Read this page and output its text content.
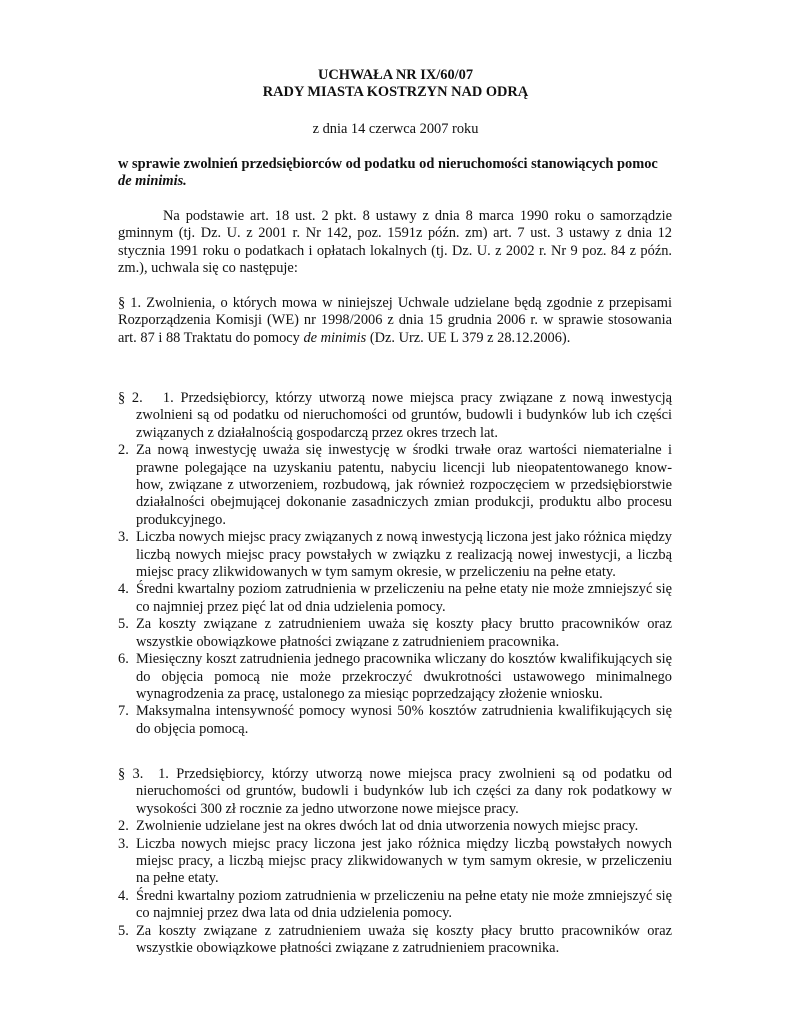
UCHWAŁA NR IX/60/07

RADY MIASTA KOSTRZYN NAD ODRĄ

z dnia 14 czerwca 2007 roku

w sprawie zwolnień przedsiębiorców od podatku od nieruchomości stanowiących pomoc
de minimis.

Na podstawie art. 18 ust. 2 pkt. 8 ustawy z dnia 8 marca 1990 roku o samorządzie gminnym (tj. Dz. U. z 2001 r. Nr 142, poz. 1591z późn. zm) art. 7 ust. 3 ustawy z dnia 12 stycznia 1991 roku o podatkach i opłatach lokalnych (tj. Dz. U. z 2002 r. Nr 9 poz. 84 z późn. zm.), uchwala się co następuje:

§ 1. Zwolnienia, o których mowa w niniejszej Uchwale udzielane będą zgodnie z przepisami Rozporządzenia Komisji (WE) nr 1998/2006 z dnia 15 grudnia 2006 r. w sprawie stosowania art. 87 i 88 Traktatu do pomocy de minimis (Dz. Urz. UE L 379 z 28.12.2006).

§ 2. 1. Przedsiębiorcy, którzy utworzą nowe miejsca pracy związane z nową inwestycją zwolnieni są od podatku od nieruchomości od gruntów, budowli i budynków lub ich części związanych z działalnością gospodarczą przez okres trzech lat.
2. Za nową inwestycję uważa się inwestycję w środki trwałe oraz wartości niematerialne i prawne polegające na uzyskaniu patentu, nabyciu licencji lub nieopatentowanego know-how, związane z utworzeniem, rozbudową, jak również rozpoczęciem w przedsiębiorstwie działalności obejmującej dokonanie zasadniczych zmian produkcji, produktu albo procesu produkcyjnego.
3. Liczba nowych miejsc pracy związanych z nową inwestycją liczona jest jako różnica między liczbą nowych miejsc pracy powstałych w związku z realizacją nowej inwestycji, a liczbą miejsc pracy zlikwidowanych w tym samym okresie, w przeliczeniu na pełne etaty.
4. Średni kwartalny poziom zatrudnienia w przeliczeniu na pełne etaty nie może zmniejszyć się co najmniej przez pięć lat od dnia udzielenia pomocy.
5. Za koszty związane z zatrudnieniem uważa się koszty płacy brutto pracowników oraz wszystkie obowiązkowe płatności związane z zatrudnieniem pracownika.
6. Miesięczny koszt zatrudnienia jednego pracownika wliczany do kosztów kwalifikujących się do objęcia pomocą nie może przekroczyć dwukrotności ustawowego minimalnego wynagrodzenia za pracę, ustalonego za miesiąc poprzedzający złożenie wniosku.
7. Maksymalna intensywność pomocy wynosi 50% kosztów zatrudnienia kwalifikujących się do objęcia pomocą.
§ 3. 1. Przedsiębiorcy, którzy utworzą nowe miejsca pracy zwolnieni są od podatku od nieruchomości od gruntów, budowli i budynków lub ich części za dany rok podatkowy w wysokości 300 zł rocznie za jedno utworzone nowe miejsce pracy.
2. Zwolnienie udzielane jest na okres dwóch lat od dnia utworzenia nowych miejsc pracy.
3. Liczba nowych miejsc pracy liczona jest jako różnica między liczbą powstałych nowych miejsc pracy, a liczbą miejsc pracy zlikwidowanych w tym samym okresie, w przeliczeniu na pełne etaty.
4. Średni kwartalny poziom zatrudnienia w przeliczeniu na pełne etaty nie może zmniejszyć się co najmniej przez dwa lata od dnia udzielenia pomocy.
5. Za koszty związane z zatrudnieniem uważa się koszty płacy brutto pracowników oraz wszystkie obowiązkowe płatności związane z zatrudnieniem pracownika.
